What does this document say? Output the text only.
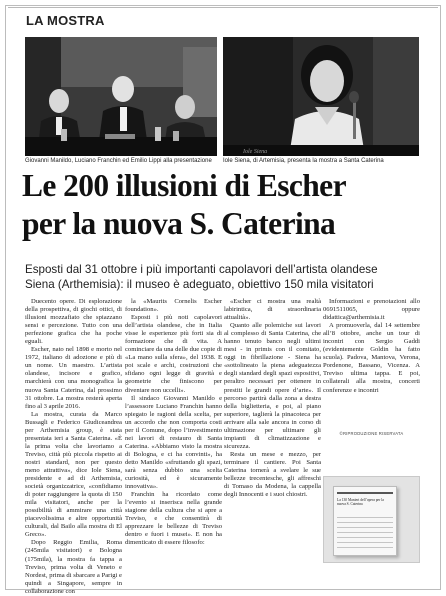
LA MOSTRA
Iole Siena
Giovanni Manildo, Luciano Franchin ed Emilio Lippi alla presentazione Iole Siena, di Artemisia, presenta la mostra a Santa Caterina
Le 200 illusioni di Escher
per la nuova S. Caterina
Esposti dal 31 ottobre i più importanti capolavori dell’artista olandese
Siena (Arthemisia): il museo è adeguato, obiettivo 150 mila visitatori

Duecento opere. Di esplorazione della prospettiva, di giochi ottici, di illusioni mozzafiato che spiazzano sensi e percezione. Tutto con una perfezione grafica che ha poche eguali.

Escher, nato nel 1898 e morto nel 1972, italiano di adozione e più di un nome. Un maestro. L’artista olandese, incisore e grafico, marchierà con una monografica la nuova Santa Caterina, dal prossimo 31 ottobre. La mostra resterà aperta fino al 3 aprile 2016.

La mostra, curata da Marco Bussagli e Federico Giudiceandrea per Arthemisia group, è stata presentata ieri a Santa Caterina. «È la prima volta che lavoriamo a Treviso, città più piccola rispetto ai nostri standard, non per questo meno attrattiva», dice Iole Siena, presidente e ad di Arthemisia, società organizzatrice, «confidiamo di poter raggiungere la quota di 150 mila visitatori, anche per la possibilità di ammirare una città piacevolissima e altre opportunità culturali, dal Bailo alla mostra di El Greco».

Dopo Reggio Emilia, Roma (245mila visitatori) e Bologna (175mila), la mostra fa tappa a Treviso, prima volta di Veneto e Nordest, prima di sbarcare a Parigi e quindi a Singapore, sempre in collaborazione con

la «Maurits Cornelis Escher foundation».

Esposti i più noti capolavori dell’artista olandese, che in Italia visse le esperienze più forti sia di formazione che di vita. A cominciare da una delle due copie di «La mano sulla sfera», del 1938. E poi scale e archi, costruzioni che sfidano ogni legge di gravità e geometrie che finiscono per diventare non uccelli».

Il sindaco Giovanni Manildo e l’assessore Luciano Franchin hanno spiegato le ragioni della scelta, per un accordo che non comporta costi per il Comune, dopo l’investimento nei lavori di restauro di Santa Caterina. «Abbiamo visto la mostra di Bologna, e ci ha convinti», ha detto Manildo «sfruttando gli spazi, sarà senza dubbio una scelta curiosità, ed è sicuramente innovativa».

Franchin ha ricordato come l’evento si inserisca nella grande stagione della cultura che si apre a Treviso, e che consentirà di apprezzare le bellezze di Treviso dentro e fuori i musei». E non ha dimenticato di essere filosofo:

«Escher ci mostra una realtà labirintica, di straordinaria attualità».

Quanto alle polemiche sui lavori al complesso di Santa Caterina, che hanno tenuto banco negli ultimi mesi - in primis con il comitato, oggi in fibrillazione - Siena ha «sottolineato la piena adeguatezza degli standard degli spazi espositivi, peraltro necessari per ottenere in prestiti le grandi opere d’arte». Il percorso partirà dalla zona a destra della biglietteria, e poi, al piano superiore, taglierà la pinacoteca per arrivare alla sale ancora in corso di ultimazione per ultimare gli impianti di climatizzazione e sicurezza.

Resta un mese e mezzo, per terminare il cantiere. Poi Santa Caterina tornerà a svelare le sue bellezze trecentesche, gli affreschi di Tomaso da Modena, la cappella degli Innocenti e i suoi chiostri.

Informazioni e prenotazioni allo 0691511065, oppure didattica@arthemisia.it

A promuoverla, dal 14 settembre all’8 ottobre, anche un tour di incontri con Sergio Gaddi (evidentemente Goldin ha fatto scuola). Padova, Mantova, Verona, Pordenone, Bassano, Vicenza. A Treviso ultima tappa. E poi, collaterali alla mostra, concerti conferenze e incontri

©RIPRODUZIONE RISERVATA
La 130 Manieri dell’opera per la nuova S. Caterina
